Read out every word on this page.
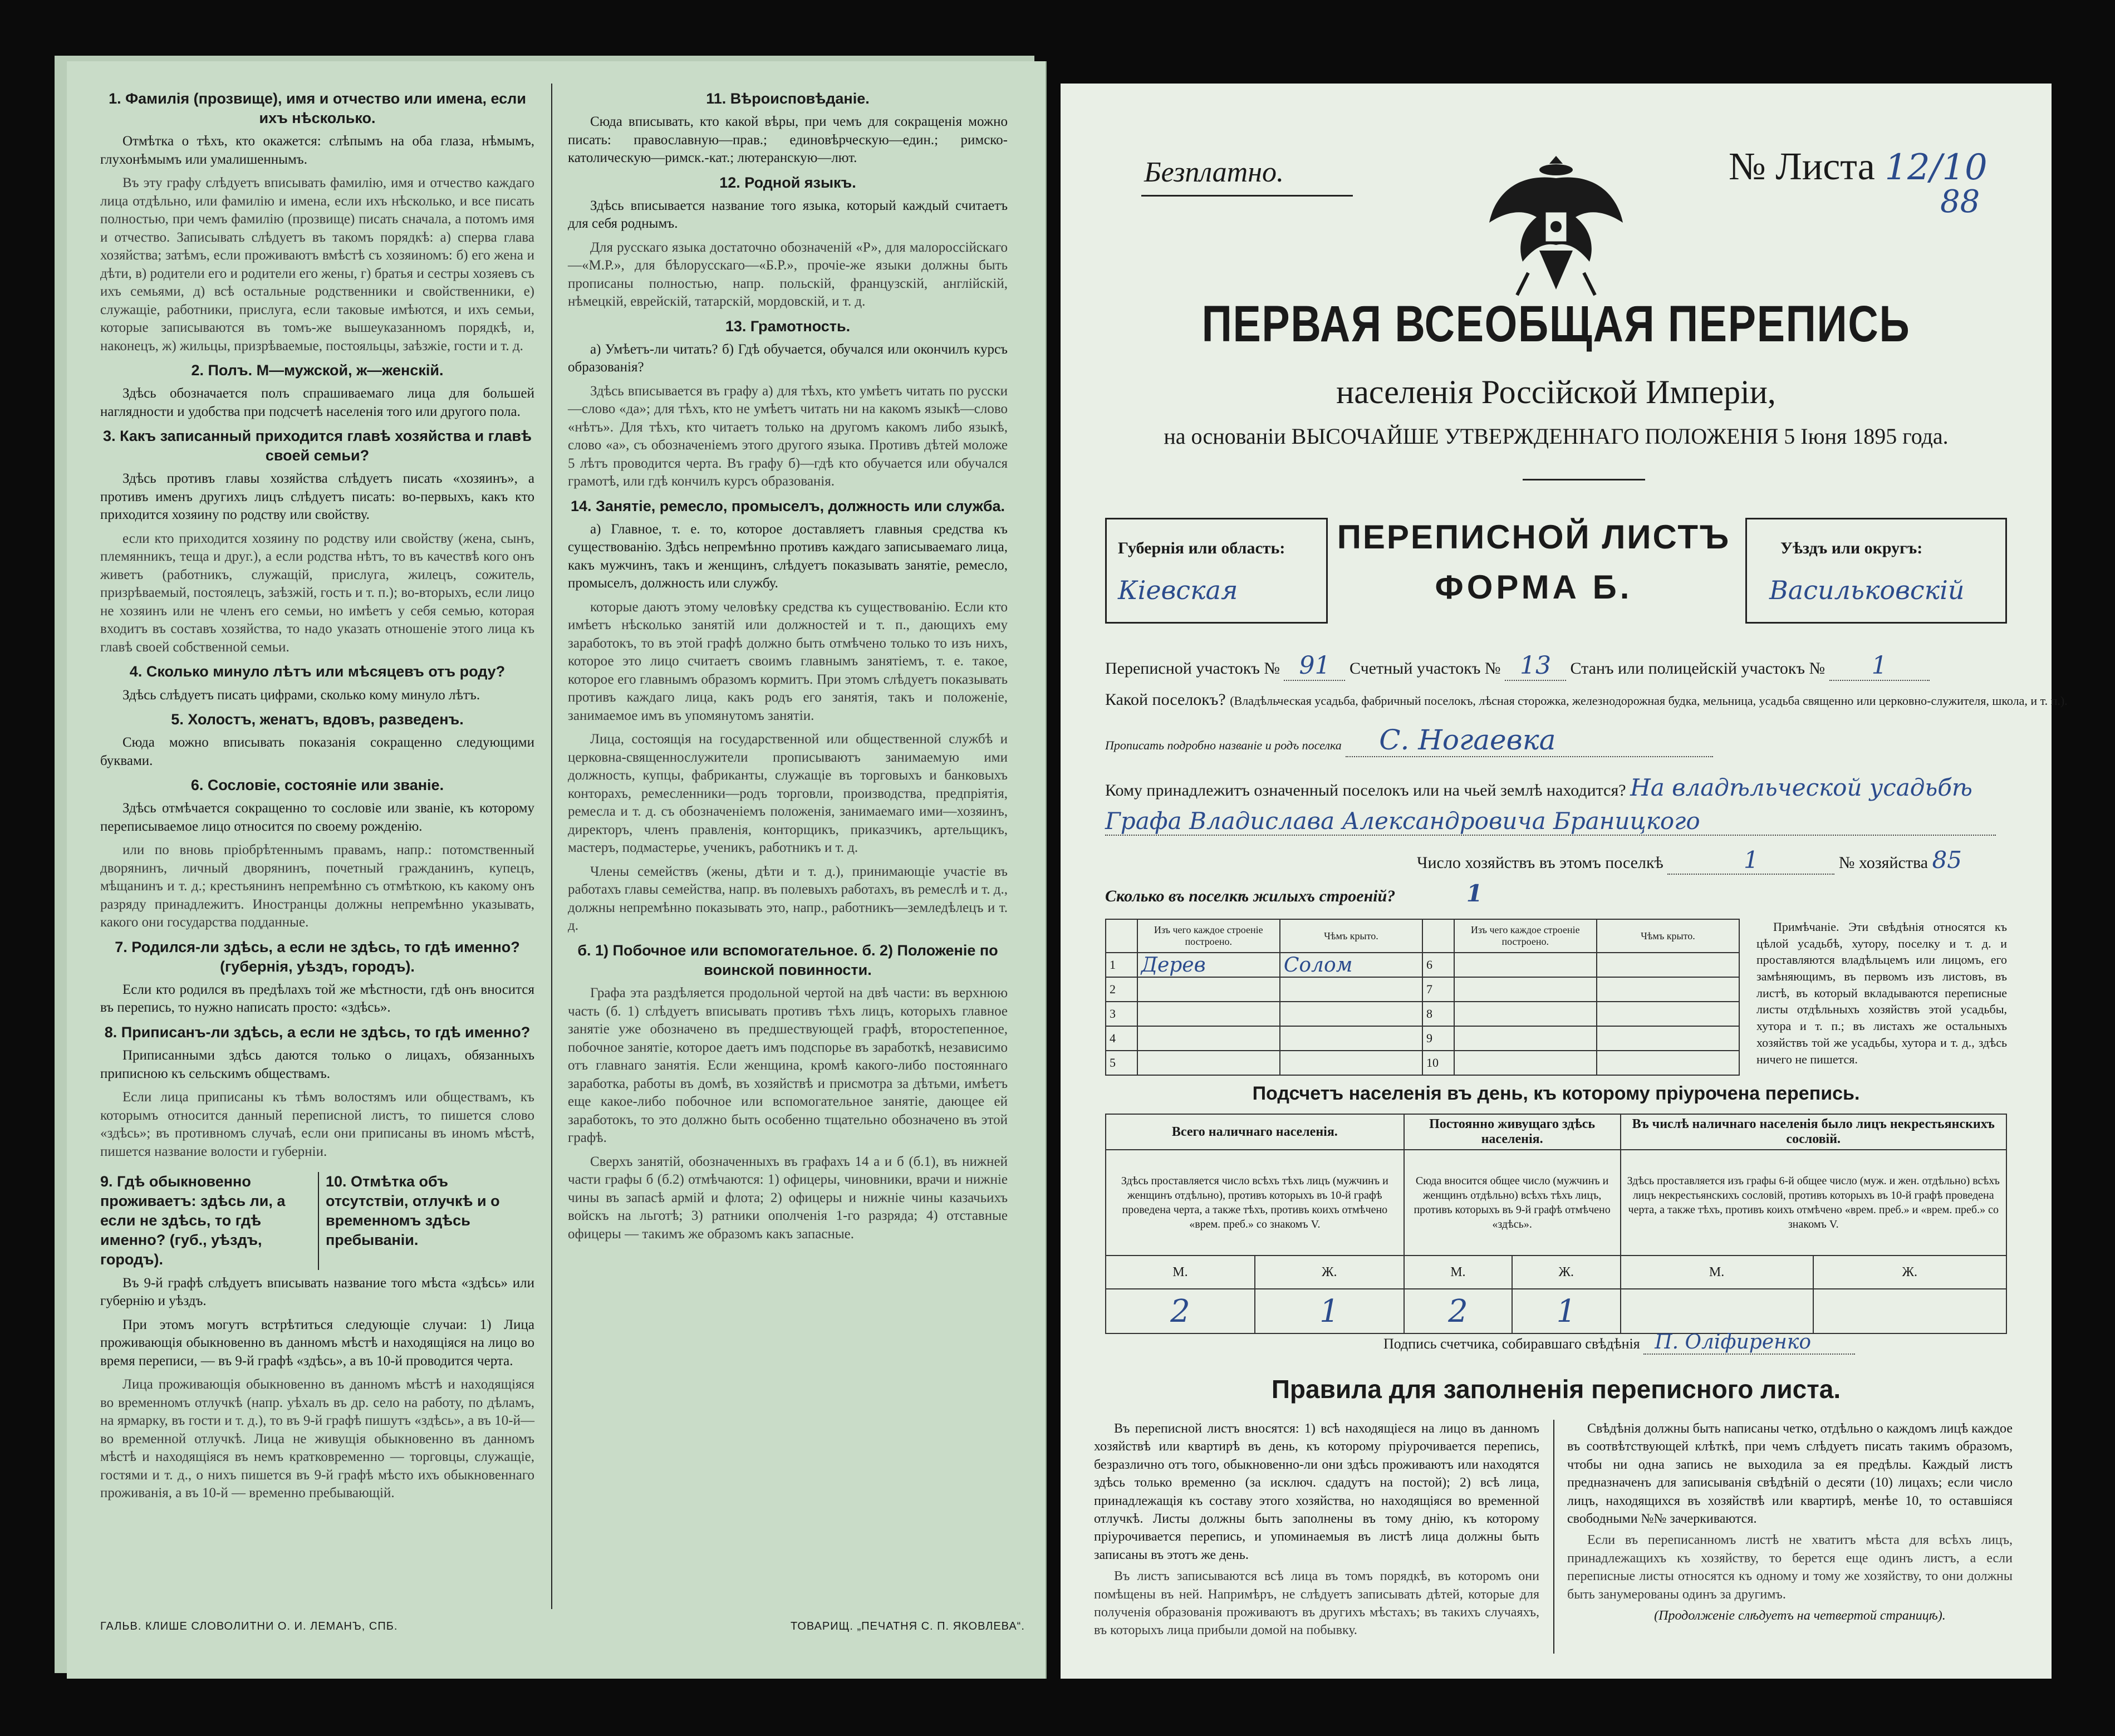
1. Фамилія (прозвище), имя и отчество или имена, если ихъ нѣсколько.

Отмѣтка о тѣхъ, кто окажется: слѣпымъ на оба глаза, нѣмымъ, глухонѣмымъ или умалишеннымъ.

Въ эту графу слѣдуетъ вписывать фамилію, имя и отчество каждаго лица отдѣльно, или фамилію и имена, если ихъ нѣсколько, и все писать полностью, при чемъ фамилію (прозвище) писать сначала, а потомъ имя и отчество. Записывать слѣдуетъ въ такомъ порядкѣ: а) сперва глава хозяйства; затѣмъ, если проживаютъ вмѣстѣ съ хозяиномъ: б) его жена и дѣти, в) родители его и родители его жены, г) братья и сестры хозяевъ съ ихъ семьями, д) всѣ остальные родственники и свойственники, е) служащіе, работники, прислуга, если таковые имѣются, и ихъ семьи, которые записываются въ томъ-же вышеуказанномъ порядкѣ, и, наконецъ, ж) жильцы, призрѣваемые, постояльцы, заѣзжіе, гости и т. д.

2. Полъ. М—мужской, ж—женскій.

Здѣсь обозначается полъ спрашиваемаго лица для большей наглядности и удобства при подсчетѣ населенія того или другого пола.

3. Какъ записанный приходится главѣ хозяйства и главѣ своей семьи?

Здѣсь противъ главы хозяйства слѣдуетъ писать «хозяинъ», а противъ именъ другихъ лицъ слѣдуетъ писать: во-первыхъ, какъ кто приходится хозяину по родству или свойству.

если кто приходится хозяину по родству или свойству (жена, сынъ, племянникъ, теща и друг.), а если родства нѣтъ, то въ качествѣ кого онъ живетъ (работникъ, служащій, прислуга, жилецъ, сожитель, призрѣваемый, постоялецъ, заѣзжій, гость и т. п.); во-вторыхъ, если лицо не хозяинъ или не членъ его семьи, но имѣетъ у себя семью, которая входитъ въ составъ хозяйства, то надо указать отношеніе этого лица къ главѣ своей собственной семьи.

4. Сколько минуло лѣтъ или мѣсяцевъ отъ роду?

Здѣсь слѣдуетъ писать цифрами, сколько кому минуло лѣтъ.

5. Холостъ, женатъ, вдовъ, разведенъ.

Сюда можно вписывать показанія сокращенно следующими буквами.

6. Сословіе, состояніе или званіе.

Здѣсь отмѣчается сокращенно то сословіе или званіе, къ которому переписываемое лицо относится по своему рожденію.

или по вновь пріобрѣтеннымъ правамъ, напр.: потомственный дворянинъ, личный дворянинъ, почетный гражданинъ, купецъ, мѣщанинъ и т. д.; крестьянинъ непремѣнно съ отмѣткою, къ какому онъ разряду принадлежитъ. Иностранцы должны непремѣнно указывать, какого они государства подданные.

7. Родился-ли здѣсь, а если не здѣсь, то гдѣ именно? (губернія, уѣздъ, городъ).

Если кто родился въ предѣлахъ той же мѣстности, гдѣ онъ вносится въ перепись, то нужно написать просто: «здѣсь».

8. Приписанъ-ли здѣсь, а если не здѣсь, то гдѣ именно?

Приписанными здѣсь даются только о лицахъ, обязанныхъ приписною къ сельскимъ обществамъ.

Если лица приписаны къ тѣмъ волостямъ или обществамъ, къ которымъ относится данный переписной листъ, то пишется слово «здѣсь»; въ противномъ случаѣ, если они приписаны въ иномъ мѣстѣ, пишется название волости и губерніи.

9. Гдѣ обыкновенно проживаетъ: здѣсь ли, а если не здѣсь, то гдѣ именно? (губ., уѣздъ, городъ).
10. Отмѣтка объ отсутствіи, отлучкѣ и о временномъ здѣсь пребываніи.

Въ 9-й графѣ слѣдуетъ вписывать название того мѣста «здѣсь» или губернію и уѣздъ.

При этомъ могутъ встрѣтиться следующіе случаи: 1) Лица проживающія обыкновенно въ данномъ мѣстѣ и находящіяся на лицо во время переписи, — въ 9-й графѣ «здѣсь», а въ 10-й проводится черта.

Лица проживающія обыкновенно въ данномъ мѣстѣ и находящіяся во временномъ отлучкѣ (напр. уѣхалъ въ др. село на работу, по дѣламъ, на ярмарку, въ гости и т. д.), то въ 9-й графѣ пишутъ «здѣсь», а въ 10-й—во временной отлучкѣ. Лица не живущія обыкновенно въ данномъ мѣстѣ и находящіяся въ немъ кратковременно — торговцы, служащіе, гостями и т. д., о нихъ пишется въ 9-й графѣ мѣсто ихъ обыкновеннаго проживанія, а въ 10-й — временно пребывающій.

11. Вѣроисповѣданіе.

Сюда вписывать, кто какой вѣры, при чемъ для сокращенія можно писать: православную—прав.; единовѣрческую—един.; римско-католическую—римск.-кат.; лютеранскую—лют.

12. Родной языкъ.

Здѣсь вписывается название того языка, который каждый считаетъ для себя роднымъ.

Для русскаго языка достаточно обозначеній «Р», для малороссійскаго—«М.Р.», для бѣлорусскаго—«Б.Р.», прочіе-же языки должны быть прописаны полностью, напр. польскій, французскій, англійскій, нѣмецкій, еврейскій, татарскій, мордовскій, и т. д.

13. Грамотность.

а) Умѣетъ-ли читать? б) Гдѣ обучается, обучался или окончилъ курсъ образованія?

Здѣсь вписывается въ графу а) для тѣхъ, кто умѣетъ читать по русски—слово «да»; для тѣхъ, кто не умѣетъ читать ни на какомъ языкѣ—слово «нѣтъ». Для тѣхъ, кто читаетъ только на другомъ какомъ либо языкѣ, слово «а», съ обозначеніемъ этого другого языка. Противъ дѣтей моложе 5 лѣтъ проводится черта. Въ графу б)—гдѣ кто обучается или обучался грамотѣ, или гдѣ кончилъ курсъ образованія.

14. Занятіе, ремесло, промыселъ, должность или служба.

а) Главное, т. е. то, которое доставляетъ главныя средства къ существованію. Здѣсь непремѣнно противъ каждаго записываемаго лица, какъ мужчинъ, такъ и женщинъ, слѣдуетъ показывать занятіе, ремесло, промыселъ, должность или службу.

которые даютъ этому человѣку средства къ существованію. Если кто имѣетъ нѣсколько занятій или должностей и т. п., дающихъ ему заработокъ, то въ этой графѣ должно быть отмѣчено только то изъ нихъ, которое это лицо считаетъ своимъ главнымъ занятіемъ, т. е. такое, которое его главнымъ образомъ кормитъ. При этомъ слѣдуетъ показывать противъ каждаго лица, какъ родъ его занятія, такъ и положеніе, занимаемое имъ въ упомянутомъ занятіи.

Лица, состоящія на государственной или общественной службѣ и церковна-священнослужители прописываютъ занимаемую ими должность, купцы, фабриканты, служащіе въ торговыхъ и банковыхъ конторахъ, ремесленники—родъ торговли, производства, предпріятія, ремесла и т. д. съ обозначеніемъ положенія, занимаемаго ими—хозяинъ, директоръ, членъ правленія, конторщикъ, приказчикъ, артельщикъ, мастеръ, подмастерье, ученикъ, работникъ и т. д.

Члены семействъ (жены, дѣти и т. д.), принимающіе участіе въ работахъ главы семейства, напр. въ полевыхъ работахъ, въ ремеслѣ и т. д., должны непремѣнно показывать это, напр., работникъ—земледѣлецъ и т. д.

б. 1) Побочное или вспомогательное. б. 2) Положеніе по воинской повинности.

Графа эта раздѣляется продольной чертой на двѣ части: въ верхнюю часть (б. 1) слѣдуетъ вписывать противъ тѣхъ лицъ, которыхъ главное занятіе уже обозначено въ предшествующей графѣ, второстепенное, побочное занятіе, которое даетъ имъ подспорье въ заработкѣ, независимо отъ главнаго занятія. Если женщина, кромѣ какого-либо постояннаго заработка, работы въ домѣ, въ хозяйствѣ и присмотра за дѣтьми, имѣетъ еще какое-либо побочное или вспомогательное занятіе, дающее ей заработокъ, то это должно быть особенно тщательно обозначено въ этой графѣ.

Сверхъ занятій, обозначенныхъ въ графахъ 14 а и б (б.1), въ нижней части графы б (б.2) отмѣчаются: 1) офицеры, чиновники, врачи и нижніе чины въ запасѣ армій и флота; 2) офицеры и нижніе чины казачьихъ войскъ на льготѣ; 3) ратники ополченія 1-го разряда; 4) отставные офицеры — такимъ же образомъ какъ запасные.

ГАЛЬВ. КЛИШЕ СЛОВОЛИТНИ О. И. ЛЕМАНЪ, СПБ.	ТОВАРИЩ. „ПЕЧАТНЯ С. П. ЯКОВЛЕВА“.
Безплатно.	№ Листа 12/10
88
ПЕРВАЯ ВСЕОБЩАЯ ПЕРЕПИСЬ
населенія Россійской Имперіи,
на основаніи ВЫСОЧАЙШЕ УТВЕРЖДЕННАГО ПОЛОЖЕНІЯ 5 Іюня 1895 года.
Губернія или область:
Кіевская
ПЕРЕПИСНОЙ ЛИСТЪ
ФОРМА Б.
Уѣздъ или округъ:
Васильковскій
Переписной участокъ № 91 Счетный участокъ № 13 Станъ или полицейскій участокъ № 1
Какой поселокъ? (Владѣльческая усадьба, фабричный поселокъ, лѣсная сторожка, железнодорожная будка, мельница, усадьба священно или церковно-служителя, школа, и т. п.).
Прописать подробно названіе и родъ поселка С. Ногаевка
Кому принадлежитъ означенный поселокъ или на чьей землѣ находится? На владѣльческой усадьбѣ
Графа Владислава Александровича Браницкого
Число хозяйствъ въ этомъ поселкѣ	1	№ хозяйства 85
Сколько въ поселкѣ жилыхъ строеній?	1
	Изъ чего каждое строеніе построено.	Чѣмъ крыто.		Изъ чего каждое строеніе построено.	Чѣмъ крыто.
1	Дерев	Солом	6		
2			7		
3			8		
4			9		
5			10		

Примѣчаніе. Эти свѣдѣнія относятся къ цѣлой усадьбѣ, хутору, поселку и т. д. и проставляются владѣльцемъ или лицомъ, его замѣняющимъ, въ первомъ изъ листовъ, въ листѣ, въ который вкладываются переписные листы отдѣльныхъ хозяйствъ этой усадьбы, хутора и т. п.; въ листахъ же остальныхъ хозяйствъ той же усадьбы, хутора и т. д., здѣсь ничего не пишется.

Подсчетъ населенія въ день, къ которому пріурочена перепись.
Всего наличнаго населенія.		Постоянно живущаго здѣсь населенія.		Въ числѣ наличнаго населенія было лицъ некрестьянскихъ сословій.	
Здѣсь проставляется число всѣхъ тѣхъ лицъ (мужчинъ и женщинъ отдѣльно), противъ которыхъ въ 10-й графѣ проведена черта, а также тѣхъ, противъ коихъ отмѣчено «врем. преб.» со знакомъ V.		Сюда вносится общее число (мужчинъ и женщинъ отдѣльно) всѣхъ тѣхъ лицъ, противъ которыхъ въ 9-й графѣ отмѣчено «здѣсь».		Здѣсь проставляется изъ графы 6-й общее число (муж. и жен. отдѣльно) всѣхъ лицъ некрестьянскихъ сословій, противъ которыхъ въ 10-й графѣ проведена черта, а также тѣхъ, противъ коихъ отмѣчено «врем. преб.» и «врем. преб.» со знакомъ V.	
М.	Ж.	М.	Ж.	М.	Ж.
2	1	2	1		
Подпись счетчика, собиравшаго свѣдѣнія П. Оліфиренко
Правила для заполненія переписного листа.

Въ переписной листъ вносятся: 1) всѣ находящіеся на лицо въ данномъ хозяйствѣ или квартирѣ въ день, къ которому пріурочивается перепись, безразлично отъ того, обыкновенно-ли они здѣсь проживаютъ или находятся здѣсь только временно (за исключ. сдадутъ на постой); 2) всѣ лица, принадлежащія къ составу этого хозяйства, но находящіяся во временной отлучкѣ. Листы должны быть заполнены въ тому днію, къ которому пріурочивается перепись, и упоминаемыя въ листѣ лица должны быть записаны въ этотъ же день.

Въ листъ записываются всѣ лица въ томъ порядкѣ, въ которомъ они помѣщены въ ней. Напримѣръ, не слѣдуетъ записывать дѣтей, которые для полученія образованія проживаютъ въ другихъ мѣстахъ; въ такихъ случаяхъ, въ которыхъ лица прибыли домой на побывку.

Свѣдѣнія должны быть написаны четко, отдѣльно о каждомъ лицѣ каждое въ соотвѣтствующей клѣткѣ, при чемъ слѣдуетъ писать такимъ образомъ, чтобы ни одна запись не выходила за ея предѣлы. Каждый листъ предназначенъ для записыванія свѣдѣній о десяти (10) лицахъ; если число лицъ, находящихся въ хозяйствѣ или квартирѣ, менѣе 10, то оставшіяся свободными №№ зачеркиваются.

Если въ переписанномъ листѣ не хватитъ мѣста для всѣхъ лицъ, принадлежащихъ къ хозяйству, то берется еще одинъ листъ, а если переписные листы относятся къ одному и тому же хозяйству, то они должны быть занумерованы одинъ за другимъ.

(Продолженіе слѣдуетъ на четвертой страницѣ).
